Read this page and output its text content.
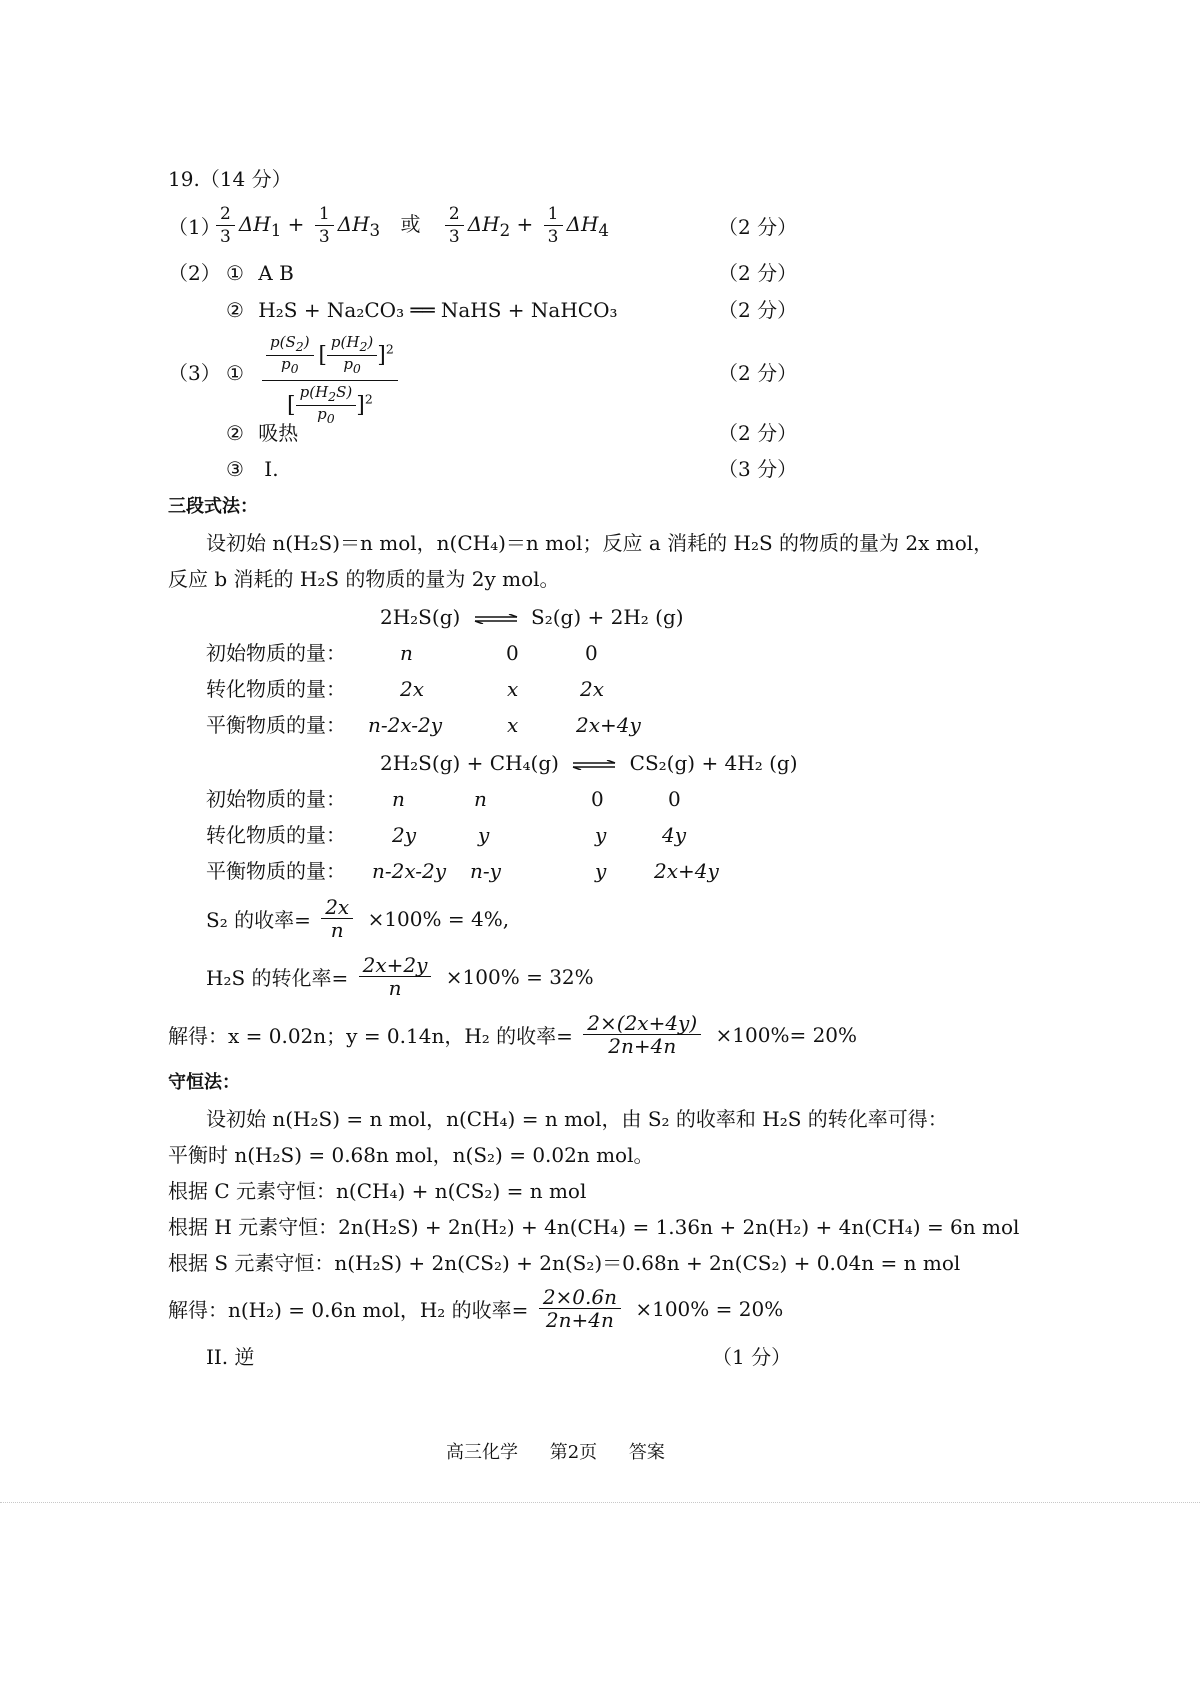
19.（14 分）
（1）
$\frac{2}{3} \Delta H_1 + \frac{1}{3} \Delta H_3$ 或 $\frac{2}{3} \Delta H_2 + \frac{1}{3} \Delta H_4$	（2 分）
（2） ① A B	（2 分）
② H₂S + Na₂CO₃ ══ NaHS + NaHCO₃	（2 分）
（3） ① $\frac{\frac{p(S_2)}{p_0} [ \frac{p(H_2)}{p_0} ]^2}{[ \frac{p(H_2S)}{p_0} ]^2}$	（2 分）
② 吸热	（2 分）
③ I.	（3 分）
三段式法：
设初始 n(H₂S)＝n mol，n(CH₄)＝n mol；反应 a 消耗的 H₂S 的物质的量为 2x mol，
反应 b 消耗的 H₂S 的物质的量为 2y mol。
2H₂S(g) ⇌ S₂(g) + 2H₂ (g)
初始物质的量：	n	0	0
转化物质的量：	2x	x	2x
平衡物质的量： n-2x-2y	x	2x+4y
2H₂S(g) + CH₄(g) ⇌ CS₂(g) + 4H₂ (g)
初始物质的量： n	n	0	0
转化物质的量： 2y	y	y	4y
平衡物质的量： n-2x-2y n-y	y 2x+4y
S₂ 的收率= $\frac{2x}{n} \times 100\% = 4\%$,
H₂S 的转化率= $\frac{2x+2y}{n} \times 100\% = 32\%$
解得：x = 0.02n；y = 0.14n，H₂ 的收率= $\frac{2\times(2x+4y)}{2n+4n} \times 100\%= 20\%$
守恒法：
设初始 n(H₂S) = n mol，n(CH₄) = n mol，由 S₂ 的收率和 H₂S 的转化率可得：
平衡时 n(H₂S) = 0.68n mol，n(S₂) = 0.02n mol。
根据 C 元素守恒：n(CH₄) + n(CS₂) = n mol
根据 H 元素守恒：2n(H₂S) + 2n(H₂) + 4n(CH₄) = 1.36n + 2n(H₂) + 4n(CH₄) = 6n mol
根据 S 元素守恒：n(H₂S) + 2n(CS₂) + 2n(S₂)＝0.68n + 2n(CS₂) + 0.04n = n mol
解得：n(H₂) = 0.6n mol，H₂ 的收率= $\frac{2\times 0.6n}{2n+4n} \times 100\% = 20\%$
II. 逆	（1 分）
高三化学 第2页 答案
